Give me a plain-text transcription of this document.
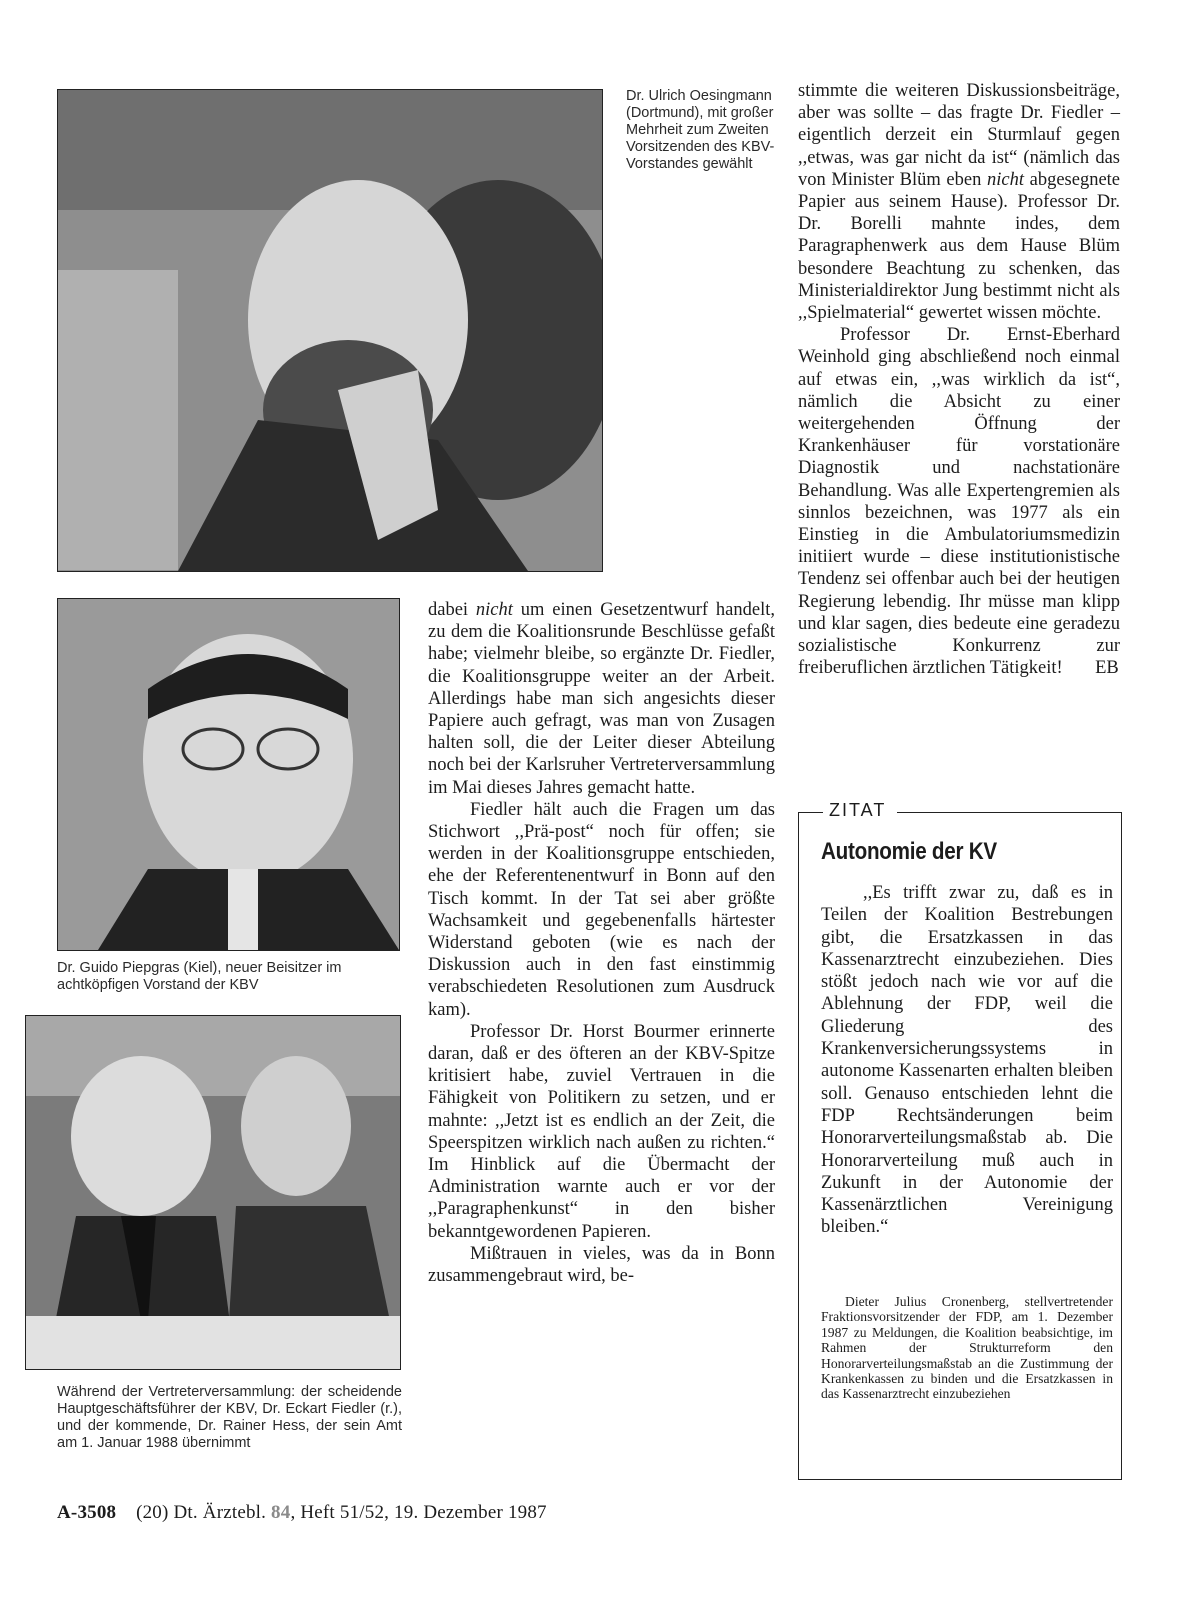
Dr. Ulrich Oesingmann (Dortmund), mit großer Mehrheit zum Zweiten Vorsitzenden des KBV-Vorstandes gewählt

Dr. Guido Piepgras (Kiel), neuer Beisitzer im achtköpfigen Vorstand der KBV

Während der Vertreterversammlung: der scheidende Hauptgeschäftsführer der KBV, Dr. Eckart Fiedler (r.), und der kommende, Dr. Rainer Hess, der sein Amt am 1. Januar 1988 übernimmt

dabei nicht um einen Gesetzentwurf handelt, zu dem die Koalitionsrunde Beschlüsse gefaßt habe; vielmehr bleibe, so ergänzte Dr. Fiedler, die Koalitionsgruppe weiter an der Arbeit. Allerdings habe man sich angesichts dieser Papiere auch gefragt, was man von Zusagen halten soll, die der Leiter dieser Abteilung noch bei der Karlsruher Vertreterversammlung im Mai dieses Jahres gemacht hatte.

Fiedler hält auch die Fragen um das Stichwort ,,Prä-post“ noch für offen; sie werden in der Koalitionsgruppe entschieden, ehe der Referentenentwurf in Bonn auf den Tisch kommt. In der Tat sei aber größte Wachsamkeit und gegebenenfalls härtester Widerstand geboten (wie es nach der Diskussion auch in den fast einstimmig verabschiedeten Resolutionen zum Ausdruck kam).

Professor Dr. Horst Bourmer erinnerte daran, daß er des öfteren an der KBV-Spitze kritisiert habe, zuviel Vertrauen in die Fähigkeit von Politikern zu setzen, und er mahnte: ,,Jetzt ist es endlich an der Zeit, die Speerspitzen wirklich nach außen zu richten.“ Im Hinblick auf die Übermacht der Administration warnte auch er vor der ,,Paragraphenkunst“ in den bisher bekanntgewordenen Papieren.

Mißtrauen in vieles, was da in Bonn zusammengebraut wird, be-

stimmte die weiteren Diskussionsbeiträge, aber was sollte – das fragte Dr. Fiedler – eigentlich derzeit ein Sturmlauf gegen ,,etwas, was gar nicht da ist“ (nämlich das von Minister Blüm eben nicht abgesegnete Papier aus seinem Hause). Professor Dr. Dr. Borelli mahnte indes, dem Paragraphenwerk aus dem Hause Blüm besondere Beachtung zu schenken, das Ministerialdirektor Jung bestimmt nicht als ,,Spielmaterial“ gewertet wissen möchte.

Professor Dr. Ernst-Eberhard Weinhold ging abschließend noch einmal auf etwas ein, ,,was wirklich da ist“, nämlich die Absicht zu einer weitergehenden Öffnung der Krankenhäuser für vorstationäre Diagnostik und nachstationäre Behandlung. Was alle Expertengremien als sinnlos bezeichnen, was 1977 als ein Einstieg in die Ambulatoriumsmedizin initiiert wurde – diese institutionistische Tendenz sei offenbar auch bei der heutigen Regierung lebendig. Ihr müsse man klipp und klar sagen, dies bedeute eine geradezu sozialistische Konkurrenz zur freiberuflichen ärztlichen Tätigkeit! EB

ZITAT
Autonomie der KV

,,Es trifft zwar zu, daß es in Teilen der Koalition Bestrebungen gibt, die Ersatzkassen in das Kassenarztrecht einzubeziehen. Dies stößt jedoch nach wie vor auf die Ablehnung der FDP, weil die Gliederung des Krankenversicherungssystems in autonome Kassenarten erhalten bleiben soll. Genauso entschieden lehnt die FDP Rechtsänderungen beim Honorarverteilungsmaßstab ab. Die Honorarverteilung muß auch in Zukunft in der Autonomie der Kassenärztlichen Vereinigung bleiben.“

Dieter Julius Cronenberg, stellvertretender Fraktionsvorsitzender der FDP, am 1. Dezember 1987 zu Meldungen, die Koalition beabsichtige, im Rahmen der Strukturreform den Honorarverteilungsmaßstab an die Zustimmung der Krankenkassen zu binden und die Ersatzkassen in das Kassenarztrecht einzubeziehen

A-3508 (20) Dt. Ärztebl. 84, Heft 51/52, 19. Dezember 1987
